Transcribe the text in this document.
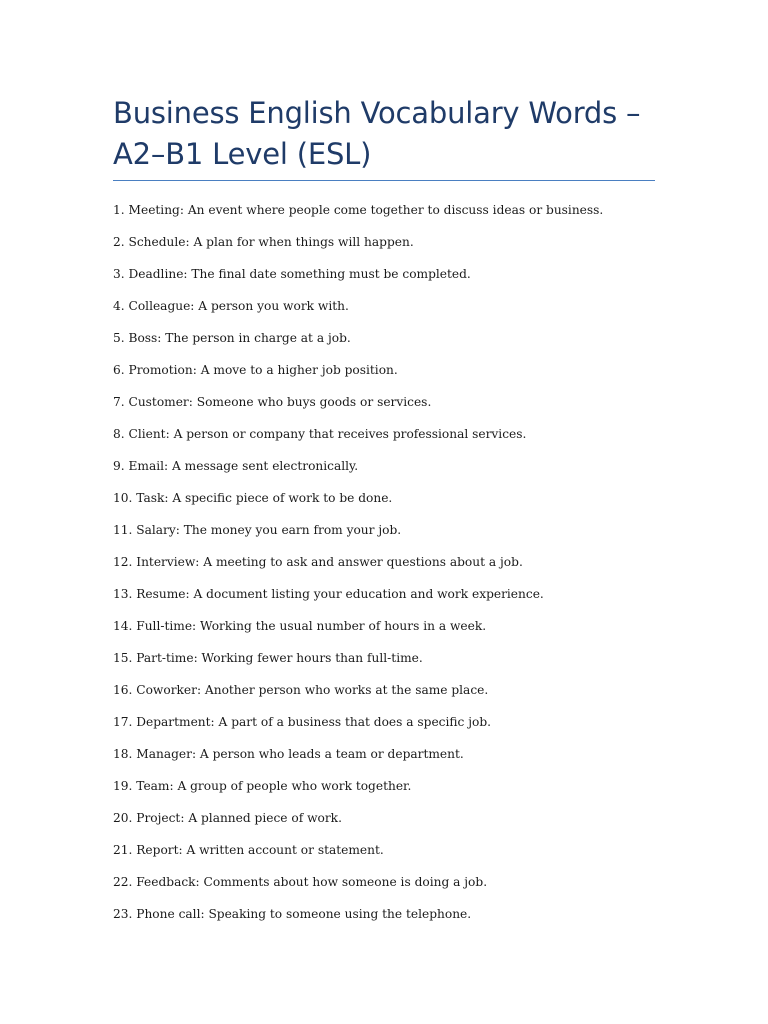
Business English Vocabulary Words – A2–B1 Level (ESL)
1. Meeting: An event where people come together to discuss ideas or business.
2. Schedule: A plan for when things will happen.
3. Deadline: The final date something must be completed.
4. Colleague: A person you work with.
5. Boss: The person in charge at a job.
6. Promotion: A move to a higher job position.
7. Customer: Someone who buys goods or services.
8. Client: A person or company that receives professional services.
9. Email: A message sent electronically.
10. Task: A specific piece of work to be done.
11. Salary: The money you earn from your job.
12. Interview: A meeting to ask and answer questions about a job.
13. Resume: A document listing your education and work experience.
14. Full-time: Working the usual number of hours in a week.
15. Part-time: Working fewer hours than full-time.
16. Coworker: Another person who works at the same place.
17. Department: A part of a business that does a specific job.
18. Manager: A person who leads a team or department.
19. Team: A group of people who work together.
20. Project: A planned piece of work.
21. Report: A written account or statement.
22. Feedback: Comments about how someone is doing a job.
23. Phone call: Speaking to someone using the telephone.
